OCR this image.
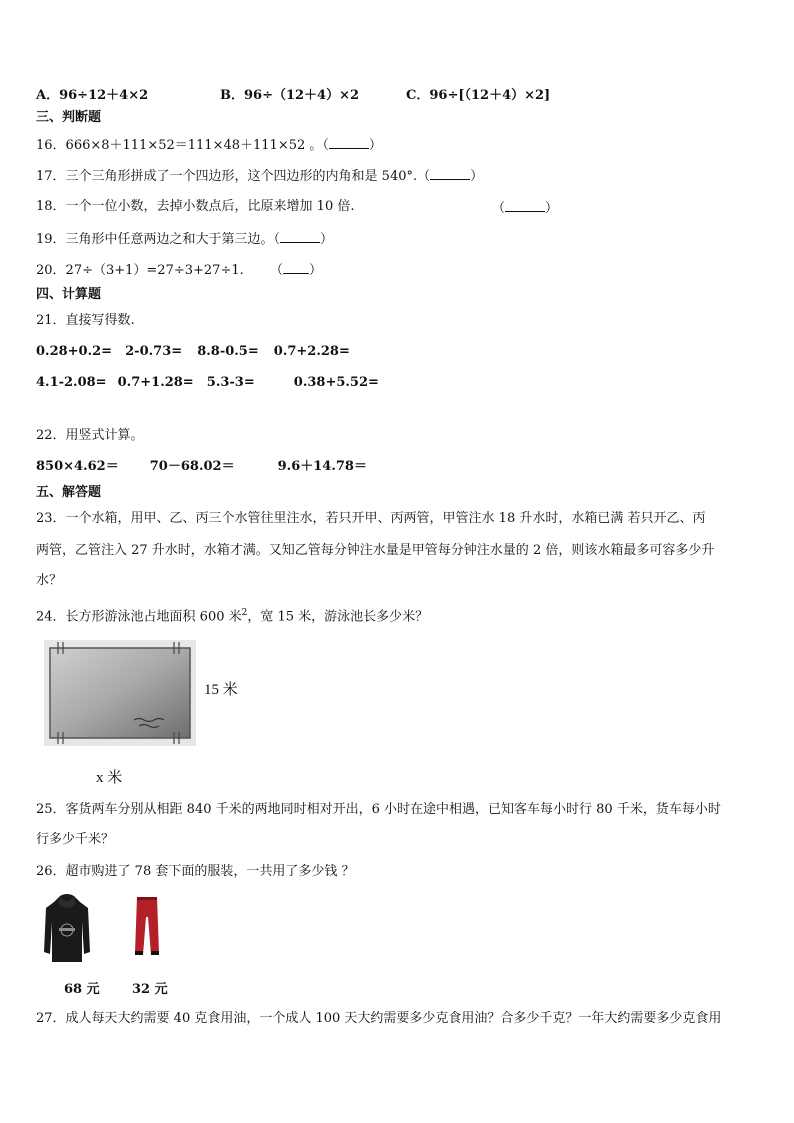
A．96÷12＋4×2	B．96÷（12＋4）×2	C．96÷[（12＋4）×2]
三、判断题
16．666×8＋111×52＝111×48＋111×52 。（	）
17．三个三角形拼成了一个四边形，这个四边形的内角和是 540°.（	）
18．一个一位小数，去掉小数点后，比原来增加 10 倍.	（	）
19．三角形中任意两边之和大于第三边。（	）
20．27÷（3+1）=27÷3+27÷1. （ ）
四、计算题
21．直接写得数.
0.28+0.2= 2-0.73= 8.8-0.5= 0.7+2.28=
4.1-2.08= 0.7+1.28= 5.3-3=	0.38+5.52=
22．用竖式计算。
850×4.62＝ 70－68.02＝	9.6＋14.78＝
五、解答题
23．一个水箱，用甲、乙、丙三个水管往里注水，若只开甲、丙两管，甲管注水 18 升水时，水箱已满 若只开乙、丙
两管，乙管注入 27 升水时，水箱才满。又知乙管每分钟注水量是甲管每分钟注水量的 2 倍，则该水箱最多可容多少升
水？
24．长方形游泳池占地面积 600 米$^2$，宽 15 米，游泳池长多少米？
15 米
x 米
25．客货两车分别从相距 840 千米的两地同时相对开出，6 小时在途中相遇，已知客车每小时行 80 千米，货车每小时
行多少千米？
26．超市购进了 78 套下面的服装，一共用了多少钱 ？
68 元 32 元
27．成人每天大约需要 40 克食用油，一个成人 100 天大约需要多少克食用油？合多少千克？一年大约需要多少克食用
